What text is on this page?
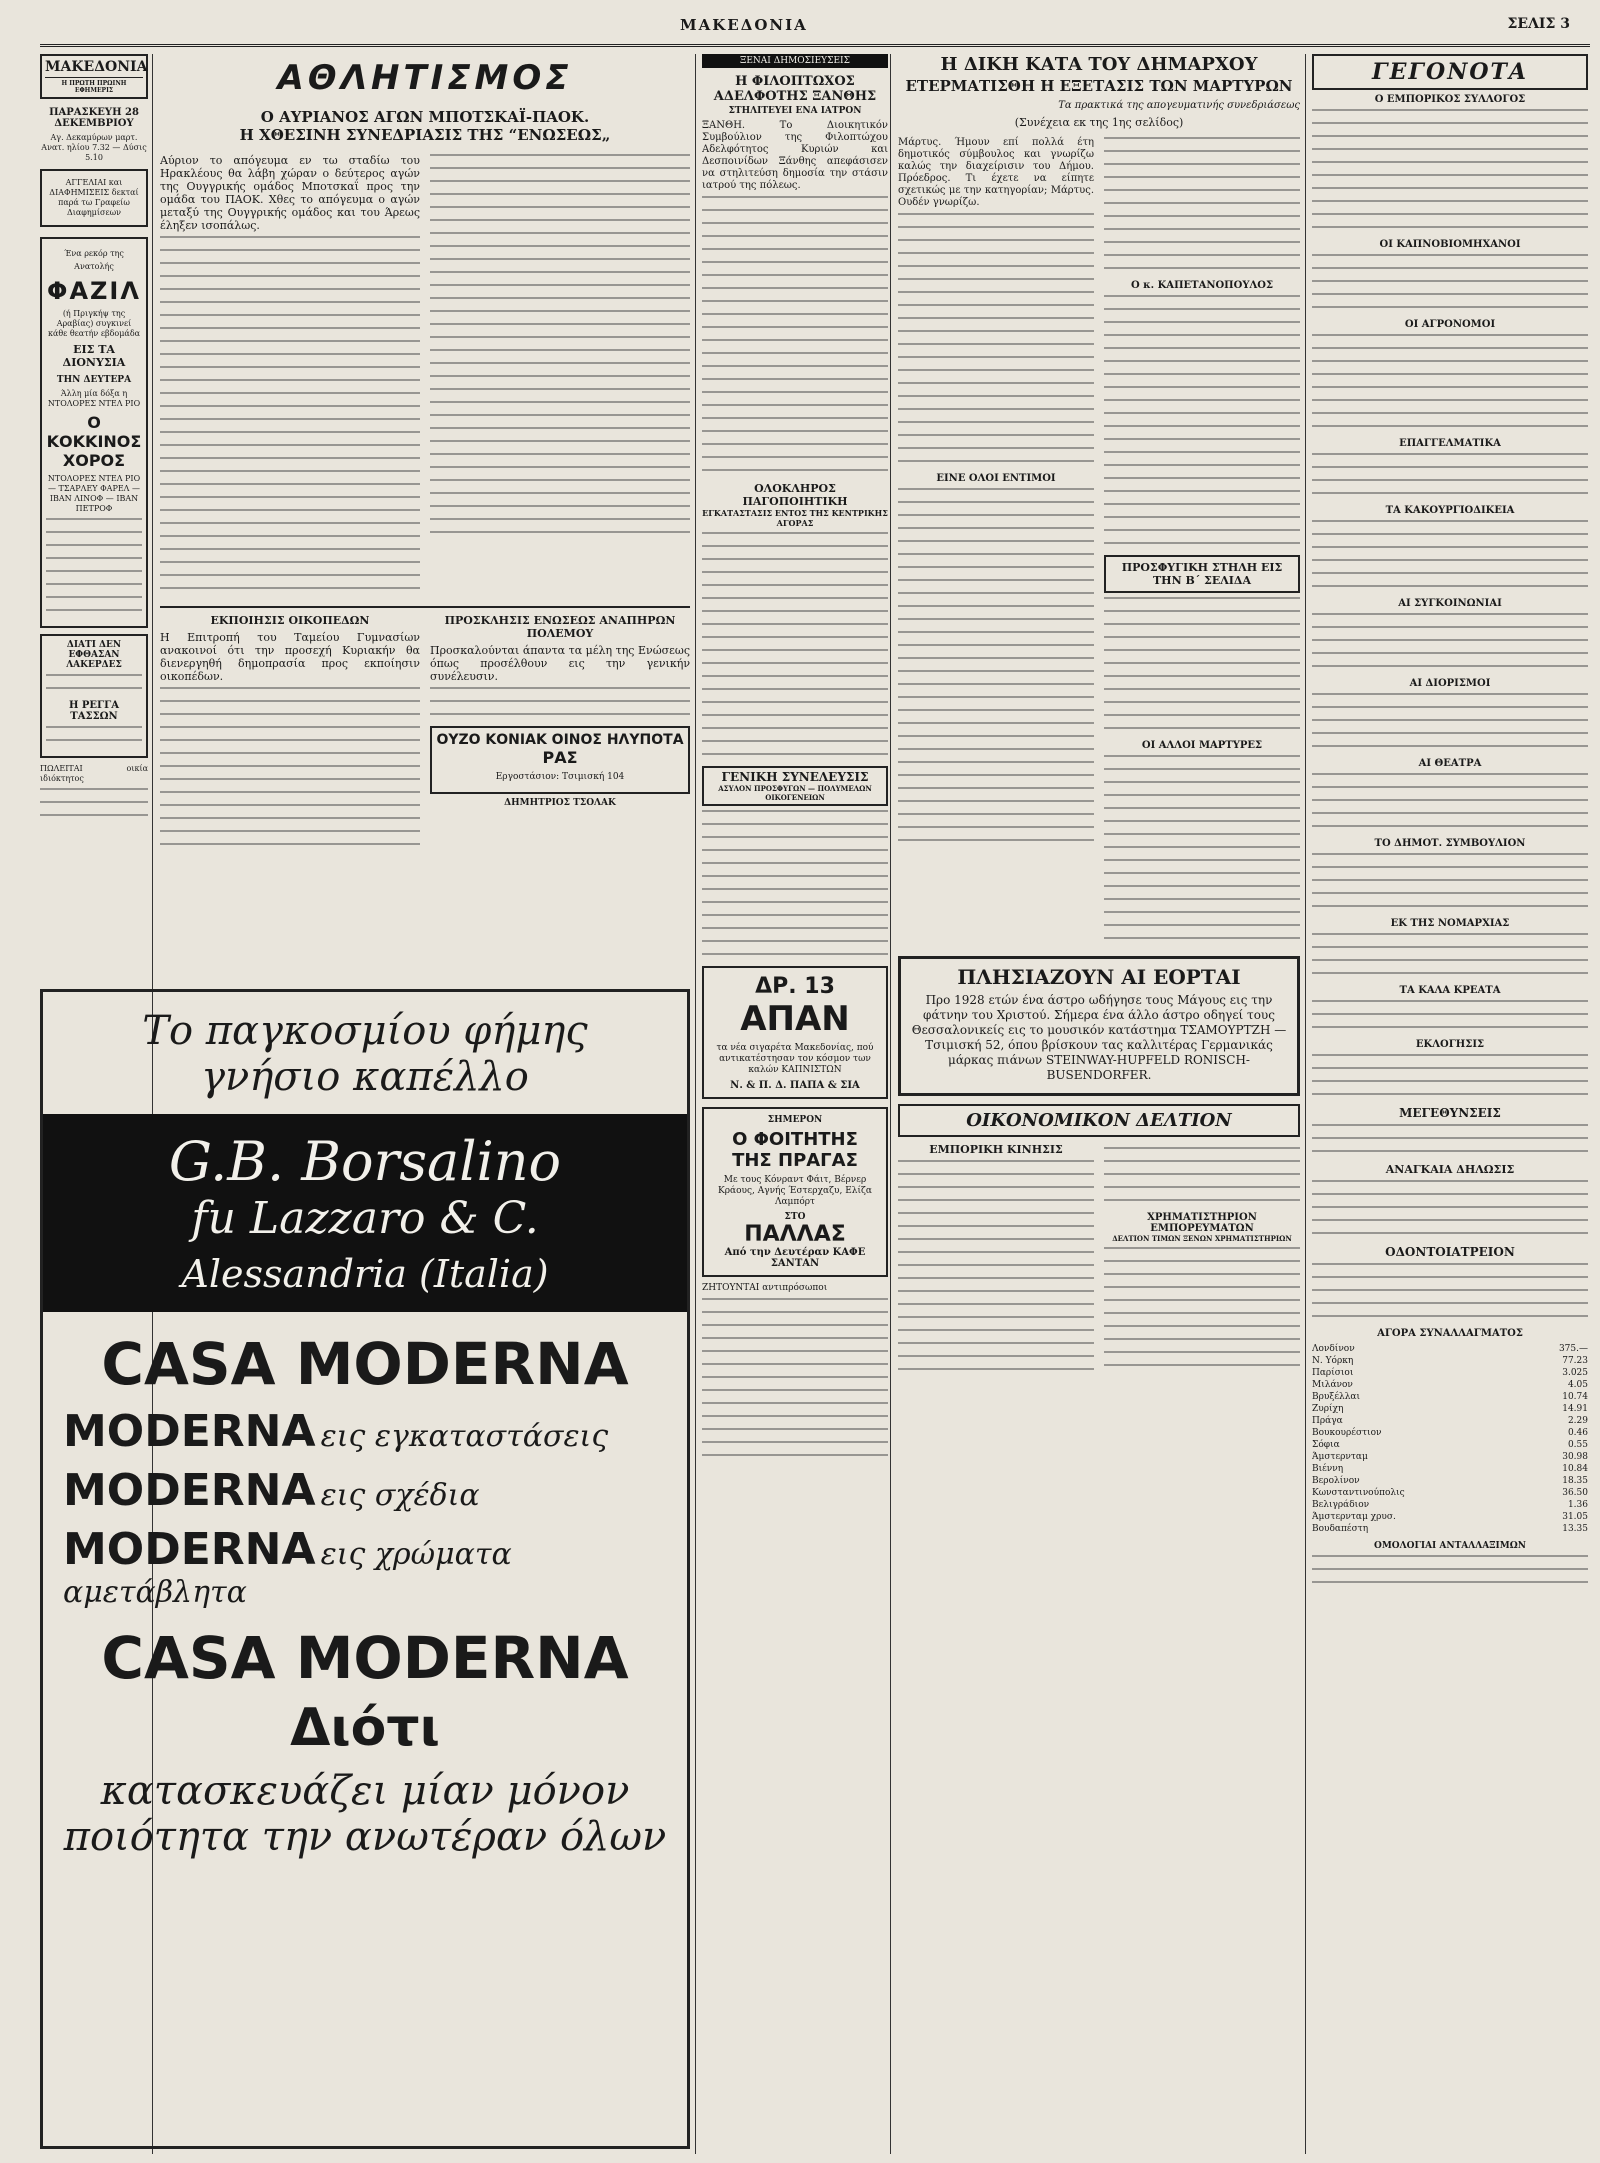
ΜΑΚΕΔΟΝΙΑ	ΣΕΛΙΣ 3
ΜΑΚΕΔΟΝΙΑ
Η ΠΡΩΤΗ ΠΡΩΙΝΗ ΕΦΗΜΕΡΙΣ
ΠΑΡΑΣΚΕΥΗ 28 ΔΕΚΕΜΒΡΙΟΥ
Αγ. Δεκαμύρων μαρτ. Ανατ. ηλίου 7.32 — Δύσις 5.10
ΑΓΓΕΛΙΑΙ και ΔΙΑΦΗΜΙΣΕΙΣ δεκταί παρά τω Γραφείω Διαφημίσεων
Ένα ρεκόρ της Ανατολής
ΦΑΖΙΛ
(ή Πριγκήψ της Αραβίας) συγκινεί κάθε θεατήν εβδομάδα
ΕΙΣ ΤΑ ΔΙΟΝΥΣΙΑ
ΤΗΝ ΔΕΥΤΕΡΑ
Άλλη μία δόξα η ΝΤΟΛΟΡΕΣ ΝΤΕΛ ΡΙΟ
Ο ΚΟΚΚΙΝΟΣ ΧΟΡΟΣ
ΝΤΟΛΟΡΕΣ ΝΤΕΛ ΡΙΟ — ΤΣΑΡΛΕΥ ΦΑΡΕΛ — ΙΒΑΝ ΛΙΝΟΦ — ΙΒΑΝ ΠΕΤΡΟΦ
ΔΙΑΤΙ ΔΕΝ ΕΦΘΑΣΑΝ ΛΑΚΕΡΔΕΣ
Η ΡΕΓΓΑ ΤΑΣΣΩΝ
ΠΩΛΕΙΤΑΙ οικία ιδιόκτητος
ΑΘΛΗΤΙΣΜΟΣ
Ο ΑΥΡΙΑΝΟΣ ΑΓΩΝ ΜΠΟΤΣΚΑΪ-ΠΑΟΚ.
Η ΧΘΕΣΙΝΗ ΣΥΝΕΔΡΙΑΣΙΣ ΤΗΣ “ΕΝΩΣΕΩΣ„
Αύριον το απόγευμα εν τω σταδίω του Ηρακλέους θα λάβη χώραν ο δεύτερος αγών της Ουγγρικής ομάδος Μποτσκαΐ προς την ομάδα του ΠΑΟΚ. Χθες το απόγευμα ο αγών μεταξύ της Ουγγρικής ομάδος και του Άρεως έληξεν ισοπάλως.
ΕΚΠΟΙΗΣΙΣ ΟΙΚΟΠΕΔΩΝ
Η Επιτροπή του Ταμείου Γυμνασίων ανακοινοί ότι την προσεχή Κυριακήν θα διενεργηθή δημοπρασία προς εκποίησιν οικοπέδων.
ΠΡΟΣΚΛΗΣΙΣ ΕΝΩΣΕΩΣ ΑΝΑΠΗΡΩΝ ΠΟΛΕΜΟΥ
Προσκαλούνται άπαντα τα μέλη της Ενώσεως όπως προσέλθουν εις την γενικήν συνέλευσιν.
ΟΥΖΟ ΚΟΝΙΑΚ ΟΙΝΟΣ ΗΛΥΠΟΤΑ
ΡΑΣ
Εργοστάσιον: Τσιμισκή 104
ΔΗΜΗΤΡΙΟΣ ΤΣΟΛΑΚ
Το παγκοσμίου φήμης
γνήσιο καπέλλο
G.B. Borsalino
fu Lazzaro & C.
Alessandria (Italia)
CASA MODERNA
MODERNA εις εγκαταστάσεις
MODERNA εις σχέδια
MODERNA εις χρώματα αμετάβλητα
CASA MODERNA
Διότι
κατασκευάζει μίαν μόνον
ποιότητα την ανωτέραν όλων
ΞΕΝΑΙ ΔΗΜΟΣΙΕΥΣΕΙΣ
Η ΦΙΛΟΠΤΩΧΟΣ ΑΔΕΛΦΟΤΗΣ ΞΑΝΘΗΣ
ΣΤΗΛΙΤΕΥΕΙ ΕΝΑ ΙΑΤΡΟΝ
ΞΑΝΘΗ. Το Διοικητικόν Συμβούλιον της Φιλοπτώχου Αδελφότητος Κυριών και Δεσποινίδων Ξάνθης απεφάσισεν να στηλιτεύση δημοσία την στάσιν ιατρού της πόλεως.
ΟΛΟΚΛΗΡΟΣ ΠΑΓΟΠΟΙΗΤΙΚΗ
ΕΓΚΑΤΑΣΤΑΣΙΣ ΕΝΤΟΣ ΤΗΣ ΚΕΝΤΡΙΚΗΣ ΑΓΟΡΑΣ
ΓΕΝΙΚΗ ΣΥΝΕΛΕΥΣΙΣ
ΑΣΥΛΟΝ ΠΡΟΣΦΥΓΩΝ — ΠΟΛΥΜΕΛΩΝ ΟΙΚΟΓΕΝΕΙΩΝ
ΔΡ. 13
ΑΠΑΝ
τα νέα σιγαρέτα Μακεδονίας, πού αντικατέστησαν τον κόσμον των καλών ΚΑΠΝΙΣΤΩΝ
Ν. & Π. Δ. ΠΑΠΑ & ΣΙΑ
ΣΗΜΕΡΟΝ
Ο ΦΟΙΤΗΤΗΣ ΤΗΣ ΠΡΑΓΑΣ
Με τους Κόνραντ Φάιτ, Βέρνερ Κράους, Αγνής Έστερχαζυ, Ελίζα Λαμπόρτ
ΣΤΟ
ΠΑΛΛΑΣ
Από την Δευτέραν ΚΑΦΕ ΣΑΝΤΑΝ
ΖΗΤΟΥΝΤΑΙ αντιπρόσωποι
Η ΔΙΚΗ ΚΑΤΑ ΤΟΥ ΔΗΜΑΡΧΟΥ
ΕΤΕΡΜΑΤΙΣΘΗ Η ΕΞΕΤΑΣΙΣ ΤΩΝ ΜΑΡΤΥΡΩΝ
Τα πρακτικά της απογευματινής συνεδριάσεως
(Συνέχεια εκ της 1ης σελίδος)
Μάρτυς. Ήμουν επί πολλά έτη δημοτικός σύμβουλος και γνωρίζω καλώς την διαχείρισιν του Δήμου. Πρόεδρος. Τι έχετε να είπητε σχετικώς με την κατηγορίαν; Μάρτυς. Ουδέν γνωρίζω.
ΕΙΝΕ ΟΛΟΙ ΕΝΤΙΜΟΙ
Ο κ. ΚΑΠΕΤΑΝΟΠΟΥΛΟΣ
ΠΡΟΣΦΥΓΙΚΗ ΣΤΗΛΗ ΕΙΣ ΤΗΝ Β΄ ΣΕΛΙΔΑ
ΟΙ ΑΛΛΟΙ ΜΑΡΤΥΡΕΣ
ΠΛΗΣΙΑΖΟΥΝ ΑΙ ΕΟΡΤΑΙ
Προ 1928 ετών ένα άστρο ωδήγησε τους Μάγους εις την φάτνην του Χριστού. Σήμερα ένα άλλο άστρο οδηγεί τους Θεσσαλονικείς εις το μουσικόν κατάστημα ΤΣΑΜΟΥΡΤΖΗ — Τσιμισκή 52, όπου βρίσκουν τας καλλιτέρας Γερμανικάς μάρκας πιάνων STEINWAY-HUPFELD RONISCH-BUSENDORFER.
ΟΙΚΟΝΟΜΙΚΟΝ ΔΕΛΤΙΟΝ
ΕΜΠΟΡΙΚΗ ΚΙΝΗΣΙΣ
ΧΡΗΜΑΤΙΣΤΗΡΙΟΝ ΕΜΠΟΡΕΥΜΑΤΩΝ
ΔΕΛΤΙΟΝ ΤΙΜΩΝ ΞΕΝΩΝ ΧΡΗΜΑΤΙΣΤΗΡΙΩΝ
ΓΕΓΟΝΟΤΑ
Ο ΕΜΠΟΡΙΚΟΣ ΣΥΛΛΟΓΟΣ
ΟΙ ΚΑΠΝΟΒΙΟΜΗΧΑΝΟΙ
ΟΙ ΑΓΡΟΝΟΜΟΙ
ΕΠΑΓΓΕΛΜΑΤΙΚΑ
ΤΑ ΚΑΚΟΥΡΓΙΟΔΙΚΕΙΑ
ΑΙ ΣΥΓΚΟΙΝΩΝΙΑΙ
ΑΙ ΔΙΟΡΙΣΜΟΙ
ΑΙ ΘΕΑΤΡΑ
ΤΟ ΔΗΜΟΤ. ΣΥΜΒΟΥΛΙΟΝ
ΕΚ ΤΗΣ ΝΟΜΑΡΧΙΑΣ
ΤΑ ΚΑΛΑ ΚΡΕΑΤΑ
ΕΚΛΟΓΗΣΙΣ
ΜΕΓΕΘΥΝΣΕΙΣ
ΑΝΑΓΚΑΙΑ ΔΗΛΩΣΙΣ
ΟΔΟΝΤΟΙΑΤΡΕΙΟΝ
ΑΓΟΡΑ ΣΥΝΑΛΛΑΓΜΑΤΟΣ
Λονδίνον	375.—
Ν. Υόρκη	77.23
Παρίσιοι	3.025
Μιλάνον	4.05
Βρυξέλλαι	10.74
Ζυρίχη	14.91
Πράγα	2.29
Βουκουρέστιον	0.46
Σόφια	0.55
Άμστερνταμ	30.98
Βιέννη	10.84
Βερολίνον	18.35
Κωνσταντινούπολις	36.50
Βελιγράδιον	1.36
Άμστερνταμ χρυσ.	31.05
Βουδαπέστη	13.35
ΟΜΟΛΟΓΙΑΙ ΑΝΤΑΛΛΑΞΙΜΩΝ
